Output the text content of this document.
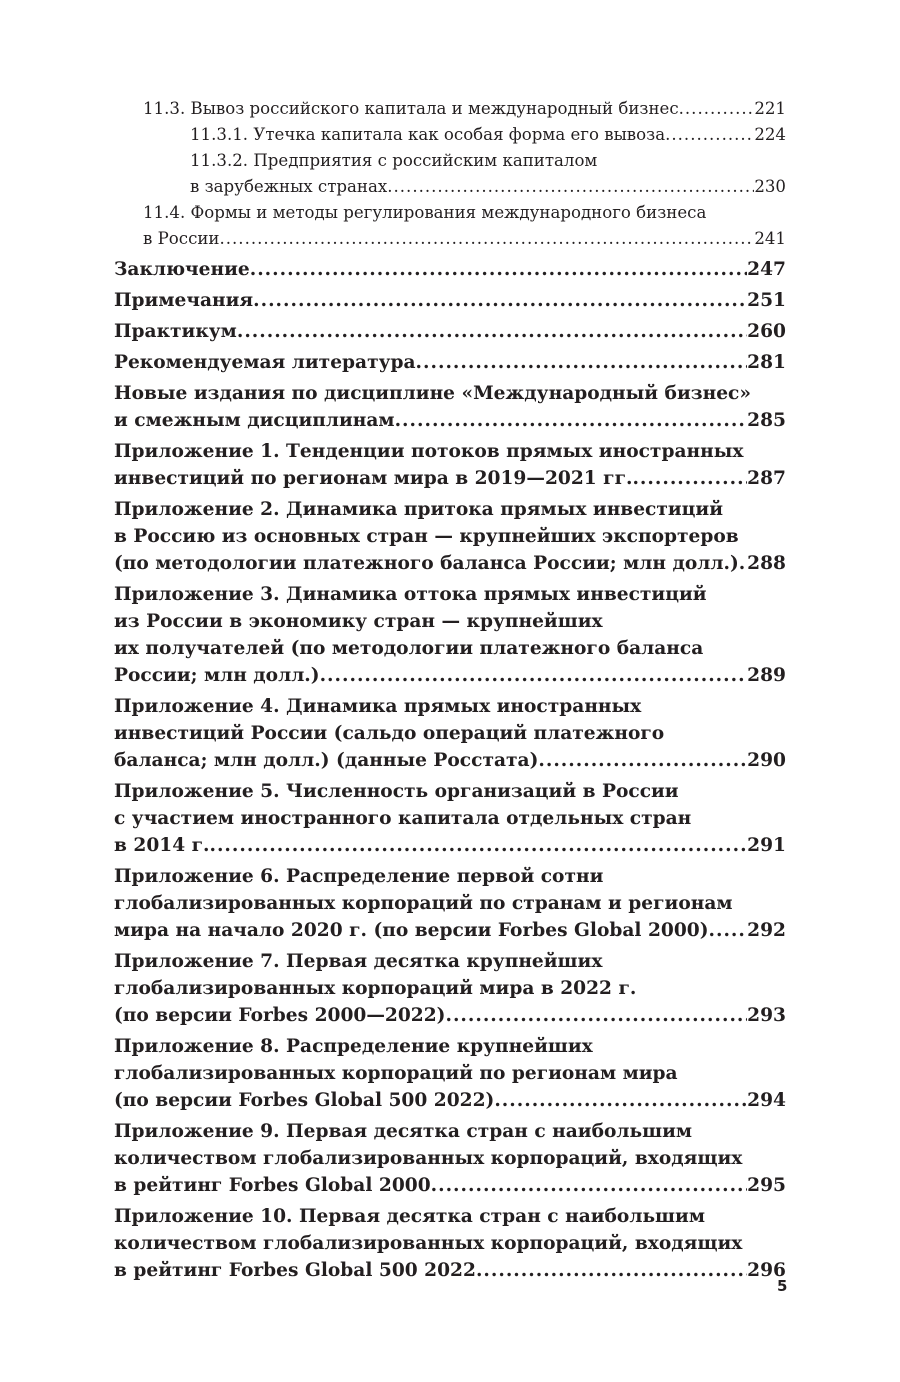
11.3. Вывоз российского капитала и международный бизнес .....	221
11.3.1. Утечка капитала как особая форма его вывоза .....	224
11.3.2. Предприятия с российским капиталом
в зарубежных странах .....	230
11.4. Формы и методы регулирования международного бизнеса
в России .....	241
Заключение .....	247
Примечания .....	251
Практикум .....	260
Рекомендуемая литература .....	281
Новые издания по дисциплине «Международный бизнес»
и смежным дисциплинам .....	285
Приложение 1. Тенденции потоков прямых иностранных
инвестиций по регионам мира в 2019—2021 гг. .....	287
Приложение 2. Динамика притока прямых инвестиций
в Россию из основных стран — крупнейших экспортеров
(по методологии платежного баланса России; млн долл.) ..... 288
Приложение 3. Динамика оттока прямых инвестиций
из России в экономику стран — крупнейших
их получателей (по методологии платежного баланса
России; млн долл.) .....	289
Приложение 4. Динамика прямых иностранных
инвестиций России (сальдо операций платежного
баланса; млн долл.) (данные Росстата) .....	290
Приложение 5. Численность организаций в России
с участием иностранного капитала отдельных стран
в 2014 г. .....	291
Приложение 6. Распределение первой сотни
глобализированных корпораций по странам и регионам
мира на начало 2020 г. (по версии Forbes Global 2000) ..... 292
Приложение 7. Первая десятка крупнейших
глобализированных корпораций мира в 2022 г.
(по версии Forbes 2000—2022) .....	293
Приложение 8. Распределение крупнейших
глобализированных корпораций по регионам мира
(по версии Forbes Global 500 2022) .....	294
Приложение 9. Первая десятка стран с наибольшим
количеством глобализированных корпораций, входящих
в рейтинг Forbes Global 2000 .....	295
Приложение 10. Первая десятка стран с наибольшим
количеством глобализированных корпораций, входящих
в рейтинг Forbes Global 500 2022 .....	296
5
